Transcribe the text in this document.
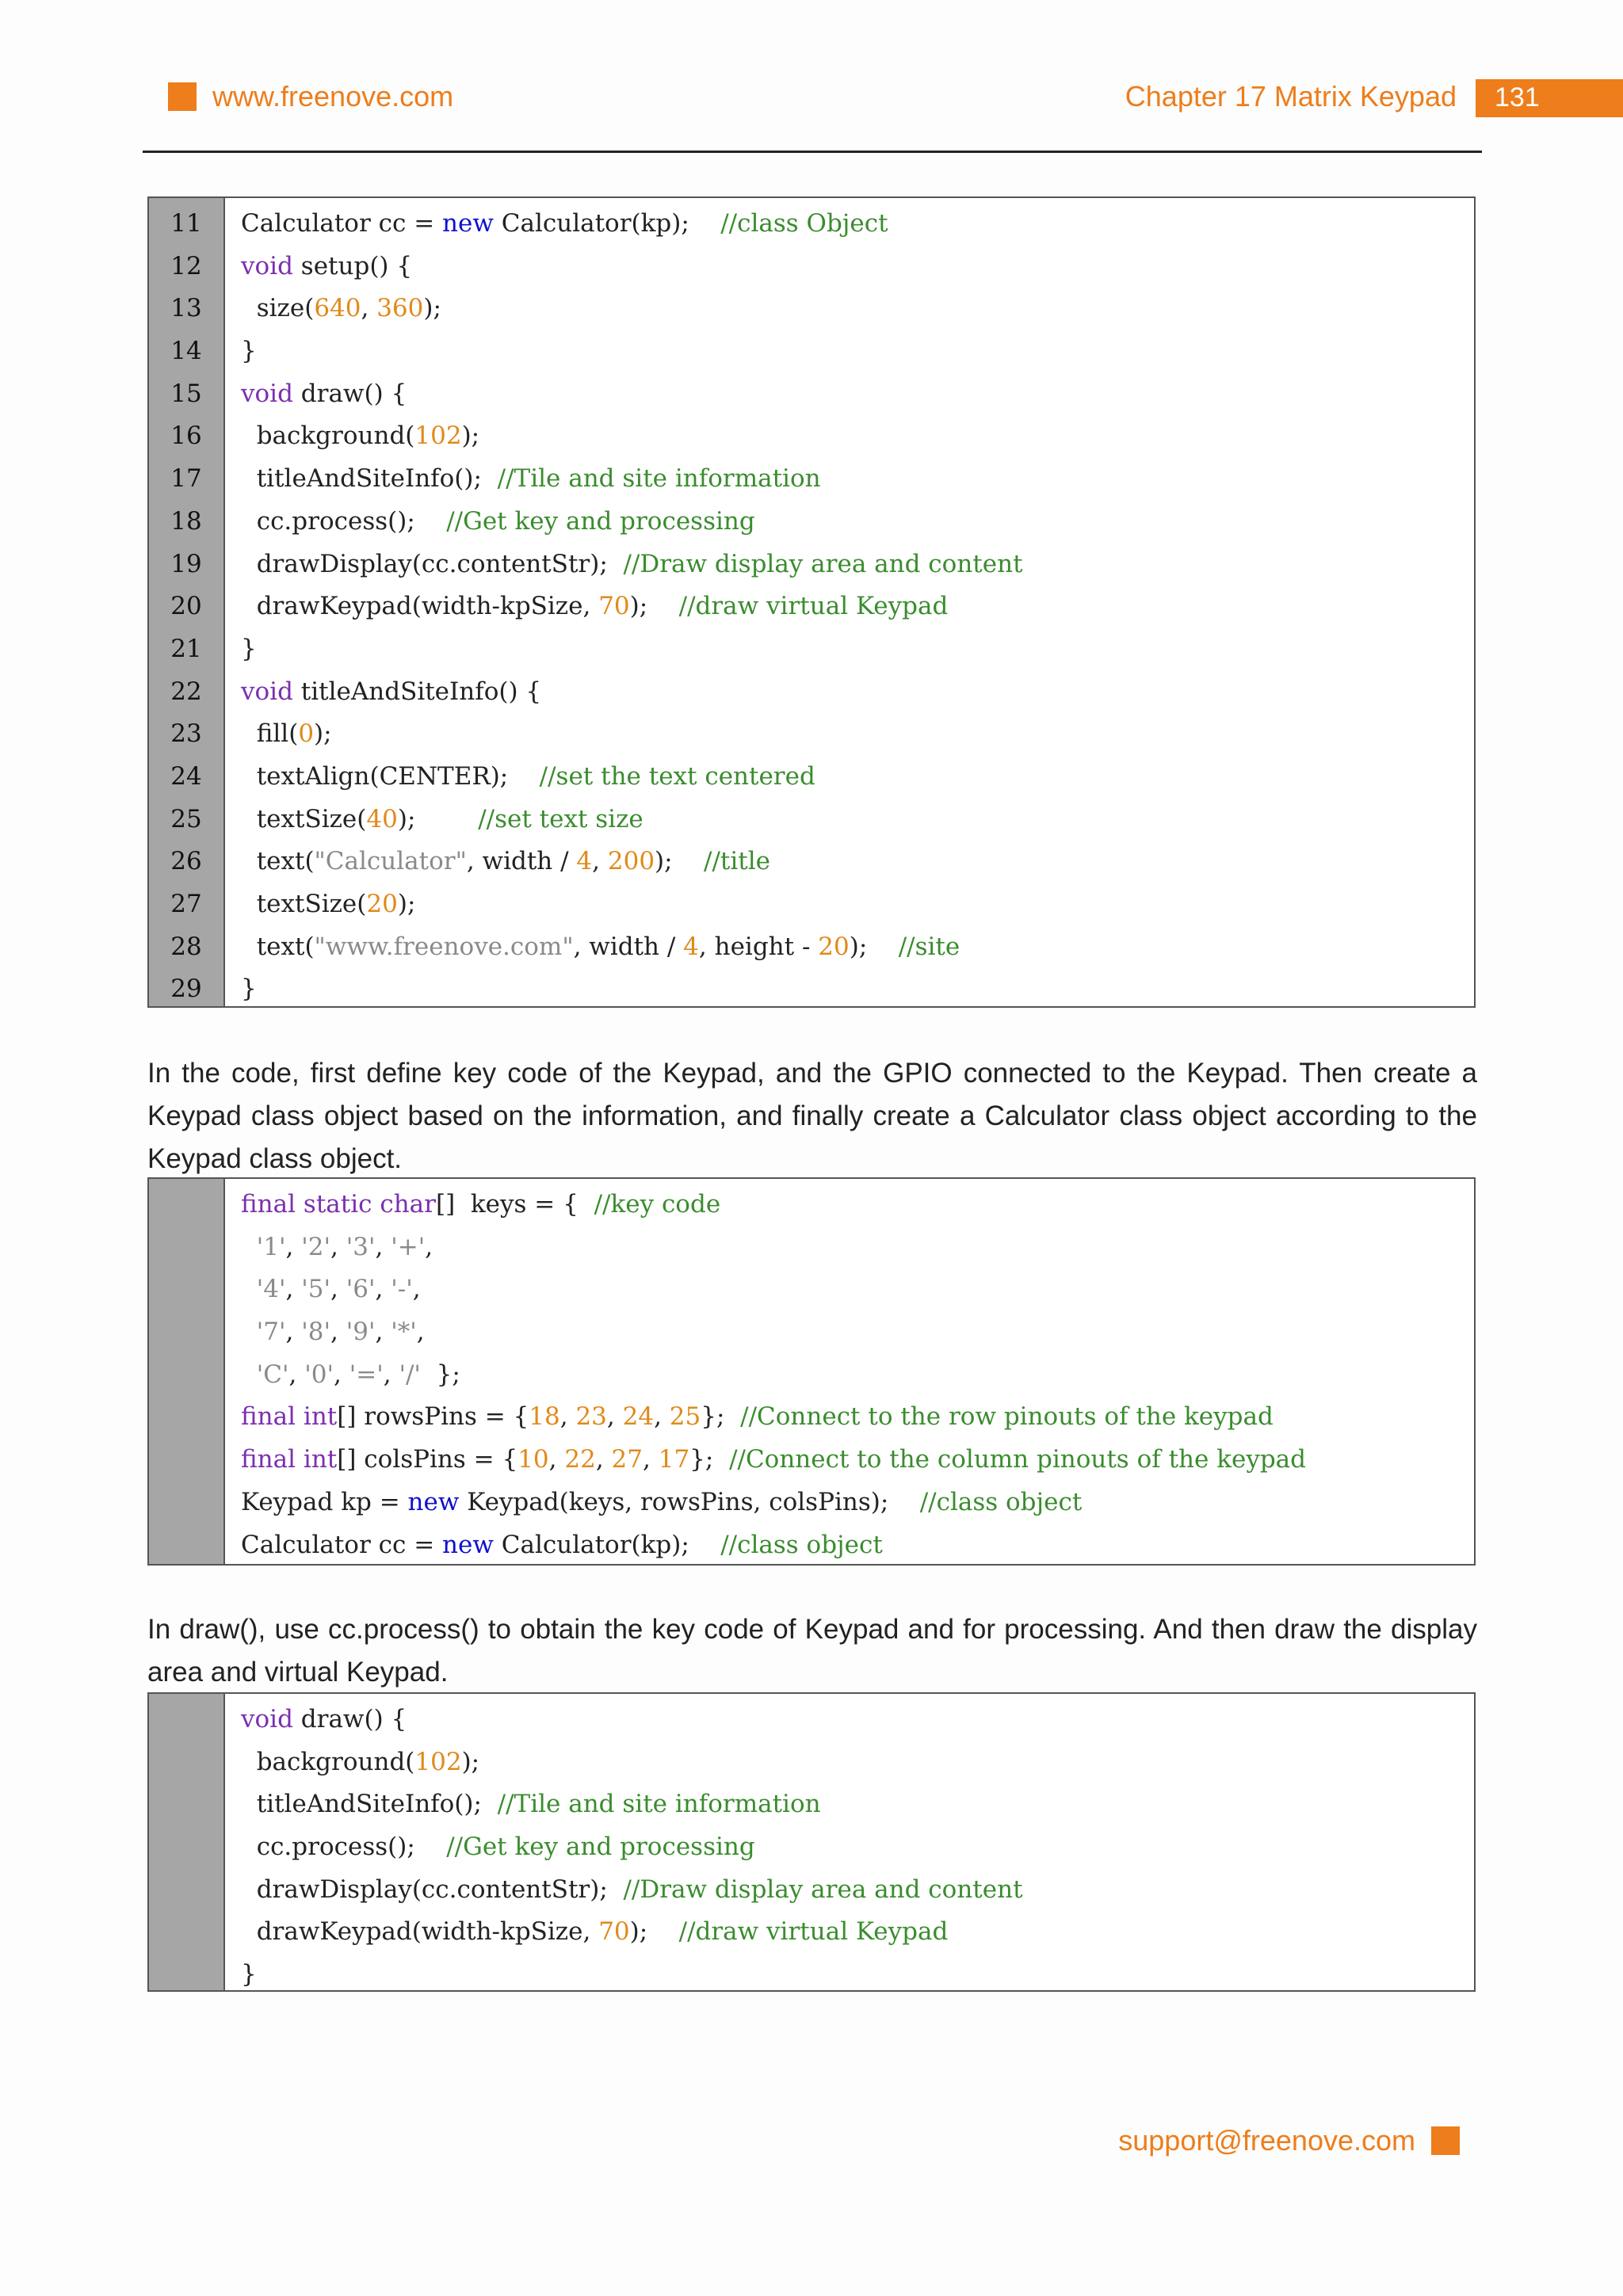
www.freenove.com	Chapter 17 Matrix Keypad	131
11	Calculator cc = new Calculator(kp);    //class Object
12	void setup() {
13	size(640, 360);
14	}
15	void draw() {
16	background(102);
17	titleAndSiteInfo();  //Tile and site information
18	cc.process();    //Get key and processing
19	drawDisplay(cc.contentStr);  //Draw display area and content
20	drawKeypad(width-kpSize, 70);    //draw virtual Keypad
21	}
22	void titleAndSiteInfo() {
23	fill(0);
24	textAlign(CENTER);    //set the text centered
25	textSize(40);        //set text size
26	text("Calculator", width / 4, 200);    //title
27	textSize(20);
28	text("www.freenove.com", width / 4, height - 20);    //site
29	}
In the code, first define key code of the Keypad, and the GPIO connected to the Keypad. Then create a Keypad class object based on the information, and finally create a Calculator class object according to the Keypad class object.
final static char[]  keys = {  //key code
'1', '2', '3', '+',
'4', '5', '6', '-',
'7', '8', '9', '*',
'C', '0', '=', '/'  };
final int[] rowsPins = {18, 23, 24, 25};  //Connect to the row pinouts of the keypad
final int[] colsPins = {10, 22, 27, 17};  //Connect to the column pinouts of the keypad
Keypad kp = new Keypad(keys, rowsPins, colsPins);    //class object
Calculator cc = new Calculator(kp);    //class object
In draw(), use cc.process() to obtain the key code of Keypad and for processing. And then draw the display area and virtual Keypad.
void draw() {
background(102);
titleAndSiteInfo();  //Tile and site information
cc.process();    //Get key and processing
drawDisplay(cc.contentStr);  //Draw display area and content
drawKeypad(width-kpSize, 70);    //draw virtual Keypad
}
support@freenove.com
